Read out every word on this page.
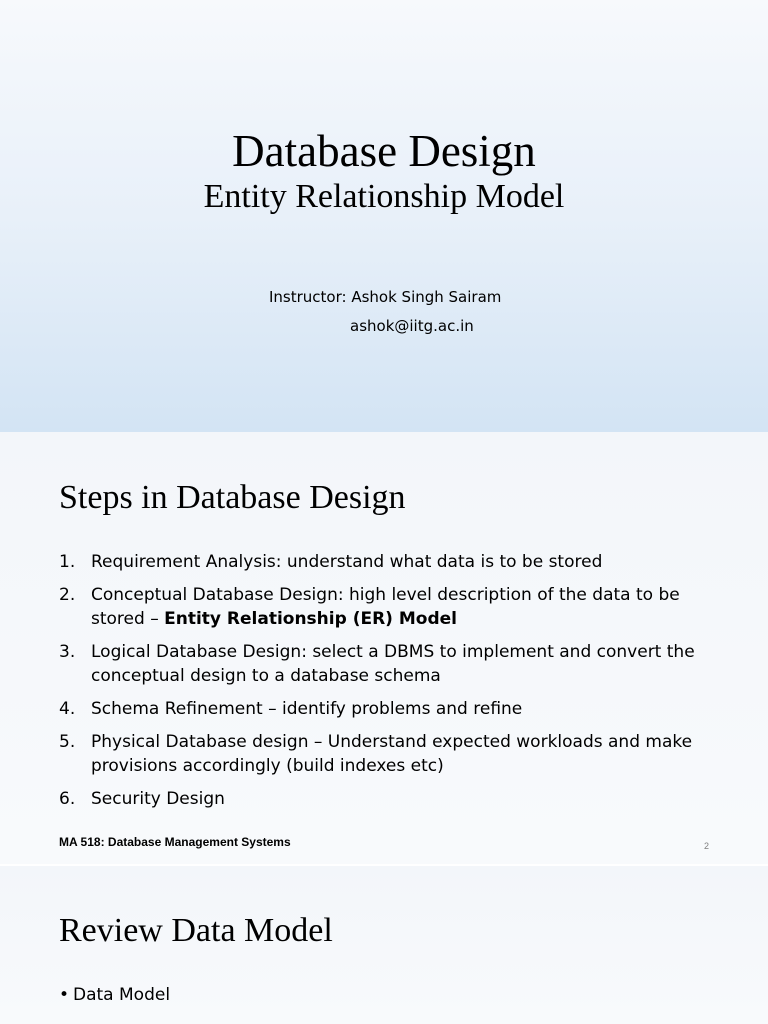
Database Design
Entity Relationship Model
Instructor: Ashok Singh Sairam
ashok@iitg.ac.in
Steps in Database Design
1. Requirement Analysis: understand what data is to be stored
2. Conceptual Database Design: high level description of the data to be stored – Entity Relationship (ER) Model
3. Logical Database Design: select a DBMS to implement and convert the conceptual design to a database schema
4. Schema Refinement – identify problems and refine
5. Physical Database design – Understand expected workloads and make provisions accordingly (build indexes etc)
6. Security Design
MA 518: Database Management Systems	2
Review Data Model
• Data Model
